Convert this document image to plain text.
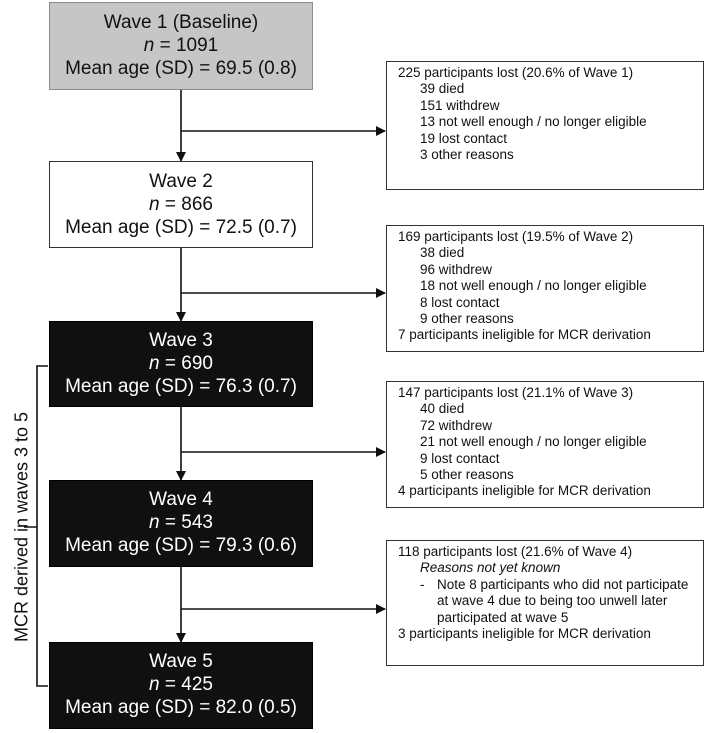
Wave 1 (Baseline)
n = 1091
Mean age (SD) = 69.5 (0.8)
Wave 2
n = 866
Mean age (SD) = 72.5 (0.7)
Wave 3
n = 690
Mean age (SD) = 76.3 (0.7)
Wave 4
n = 543
Mean age (SD) = 79.3 (0.6)
Wave 5
n = 425
Mean age (SD) = 82.0 (0.5)
225 participants lost (20.6% of Wave 1)
39 died
151 withdrew
13 not well enough / no longer eligible
19 lost contact
3 other reasons
169 participants lost (19.5% of Wave 2)
38 died
96 withdrew
18 not well enough / no longer eligible
8 lost contact
9 other reasons
7 participants ineligible for MCR derivation
147 participants lost (21.1% of Wave 3)
40 died
72 withdrew
21 not well enough / no longer eligible
9 lost contact
5 other reasons
4 participants ineligible for MCR derivation
118 participants lost (21.6% of Wave 4)
Reasons not yet known
- Note 8 participants who did not participate at wave 4 due to being too unwell later participated at wave 5
3 participants ineligible for MCR derivation
MCR derived in waves 3 to 5
